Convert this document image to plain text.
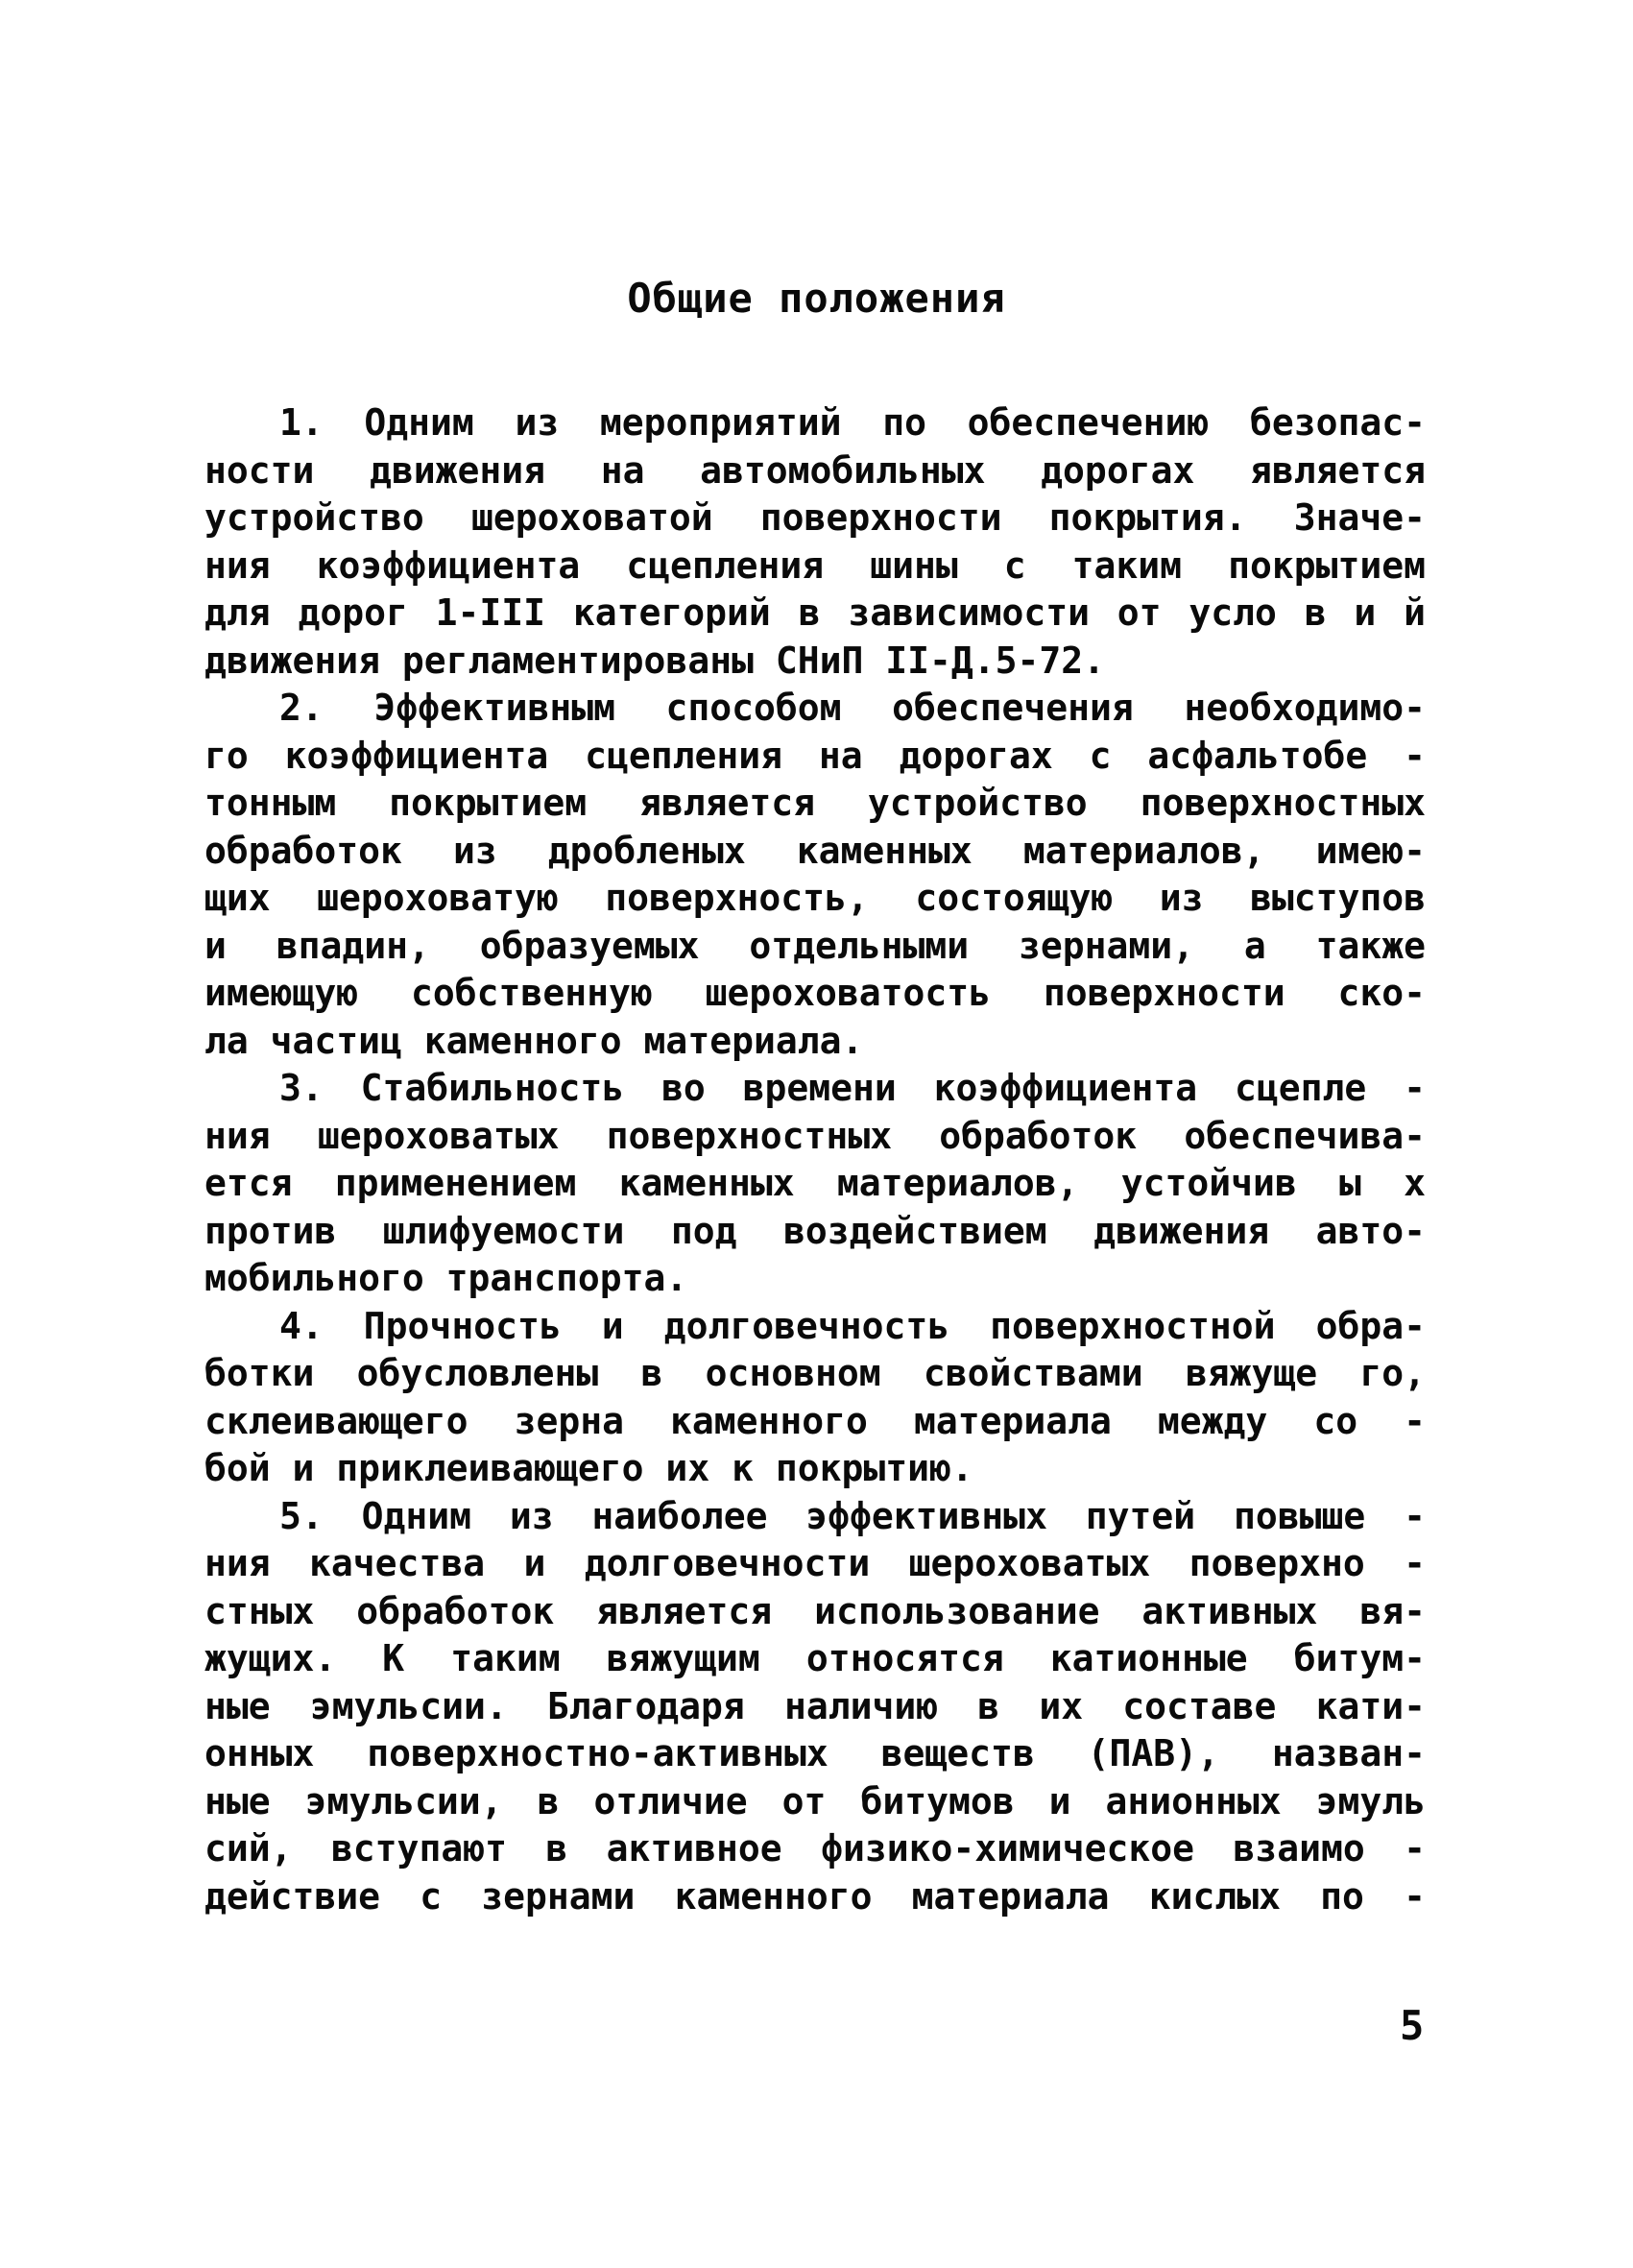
Общие положения
1. Одним из мероприятий по обеспечению безопас-
ности движения на автомобильных дорогах является
устройство шероховатой поверхности покрытия. Значе-
ния коэффициента сцепления шины с таким покрытием
для дорог 1-III категорий в зависимости от усло в и й
движения регламентированы СНиП II-Д.5-72.
2. Эффективным способом обеспечения необходимо-
го коэффициента сцепления на дорогах с асфальтобе -
тонным покрытием является устройство поверхностных
обработок из дробленых каменных материалов, имею-
щих шероховатую поверхность, состоящую из выступов
и впадин, образуемых отдельными зернами, а также
имеющую собственную шероховатость поверхности ско-
ла частиц каменного материала.
3. Стабильность во времени коэффициента сцепле -
ния шероховатых поверхностных обработок обеспечива-
ется применением каменных материалов, устойчив ы х
против шлифуемости под воздействием движения авто-
мобильного транспорта.
4. Прочность и долговечность поверхностной обра-
ботки обусловлены в основном свойствами вяжуще го,
склеивающего зерна каменного материала между со -
бой и приклеивающего их к покрытию.
5. Одним из наиболее эффективных путей повыше -
ния качества и долговечности шероховатых поверхно -
стных обработок является использование активных вя-
жущих. К таким вяжущим относятся катионные битум-
ные эмульсии. Благодаря наличию в их составе кати-
онных поверхностно-активных веществ (ПАВ), назван-
ные эмульсии, в отличие от битумов и анионных эмуль
сий, вступают в активное физико-химическое взаимо -
действие с зернами каменного материала кислых по -
5
